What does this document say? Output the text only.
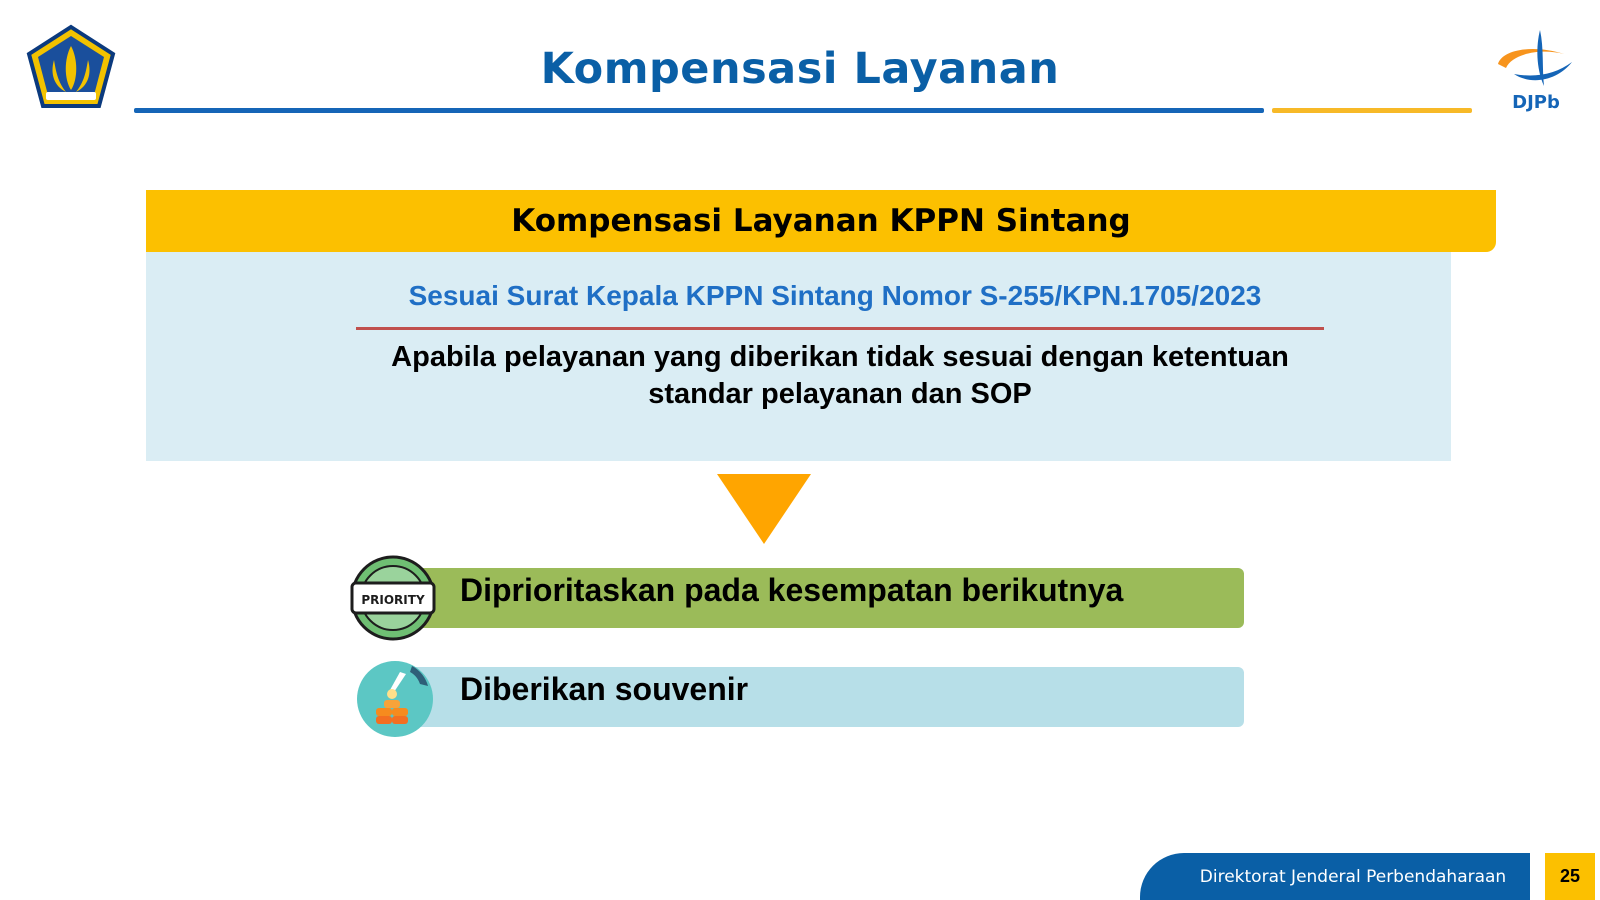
Kompensasi Layanan
DJPb
Kompensasi Layanan KPPN Sintang
Sesuai Surat Kepala KPPN Sintang Nomor S-255/KPN.1705/2023
Apabila pelayanan yang diberikan tidak sesuai dengan ketentuan
standar pelayanan dan SOP
Diprioritaskan pada kesempatan berikutnya
PRIORITY
Diberikan souvenir
Direktorat Jenderal Perbendaharaan	25
